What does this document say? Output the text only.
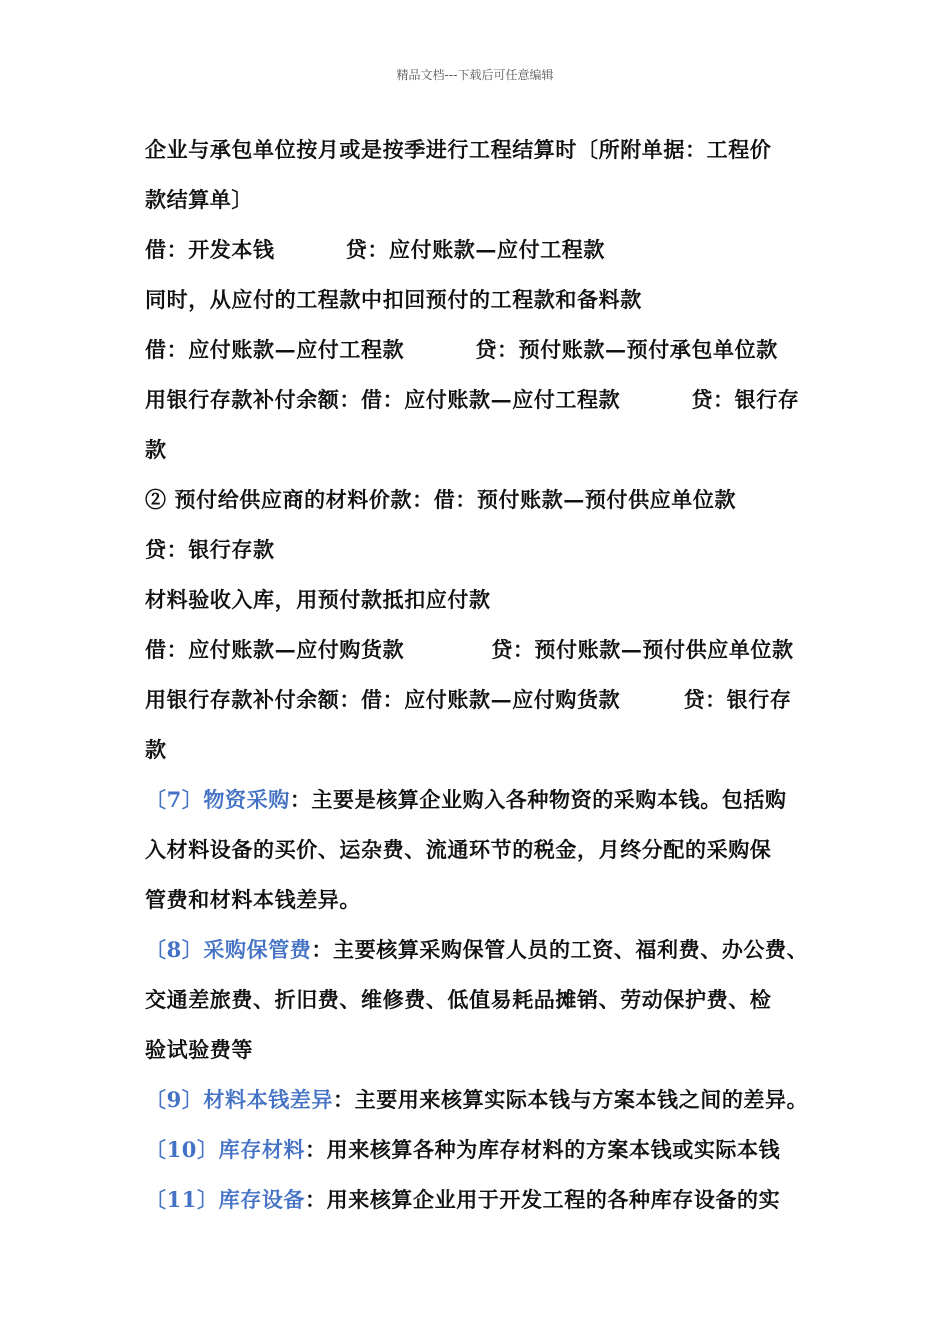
精品文档---下载后可任意编辑
企业与承包单位按月或是按季进行工程结算时〔所附单据：工程价
款结算单〕
借：开发本钱         贷：应付账款—应付工程款
同时，从应付的工程款中扣回预付的工程款和备料款
借：应付账款—应付工程款         贷：预付账款—预付承包单位款
用银行存款补付余额：借：应付账款—应付工程款         贷：银行存
款
② 预付给供应商的材料价款：借：预付账款—预付供应单位款
贷：银行存款
材料验收入库，用预付款抵扣应付款
借：应付账款—应付购货款           贷：预付账款—预付供应单位款
用银行存款补付余额：借：应付账款—应付购货款        贷：银行存
款
〔7〕物资采购：主要是核算企业购入各种物资的采购本钱。包括购
入材料设备的买价、运杂费、流通环节的税金，月终分配的采购保
管费和材料本钱差异。
〔8〕采购保管费：主要核算采购保管人员的工资、福利费、办公费、
交通差旅费、折旧费、维修费、低值易耗品摊销、劳动保护费、检
验试验费等
〔9〕材料本钱差异：主要用来核算实际本钱与方案本钱之间的差异。
〔10〕库存材料：用来核算各种为库存材料的方案本钱或实际本钱
〔11〕库存设备：用来核算企业用于开发工程的各种库存设备的实
